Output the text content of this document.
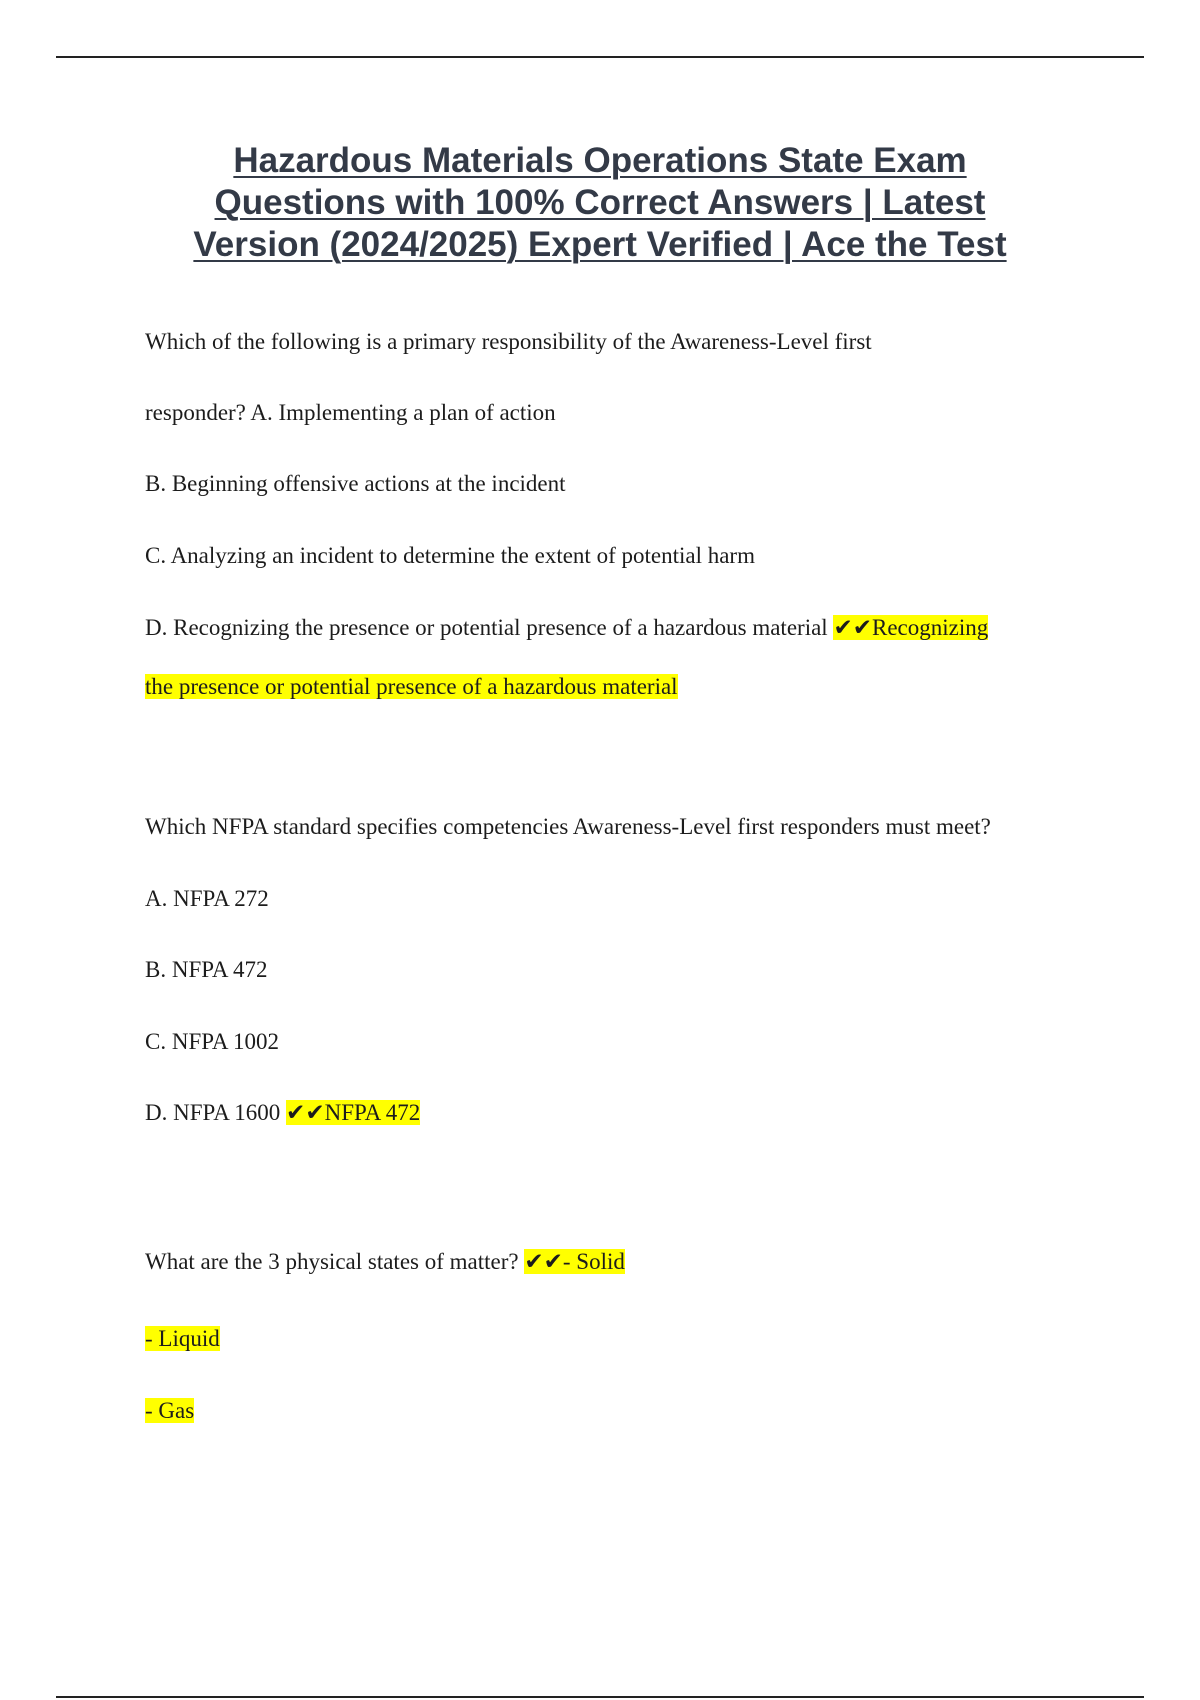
Hazardous Materials Operations State Exam
Questions with 100% Correct Answers | Latest
Version (2024/2025) Expert Verified | Ace the Test

Which of the following is a primary responsibility of the Awareness-Level first

responder? A. Implementing a plan of action

B. Beginning offensive actions at the incident

C. Analyzing an incident to determine the extent of potential harm

D. Recognizing the presence or potential presence of a hazardous material ✔✔Recognizing

the presence or potential presence of a hazardous material

Which NFPA standard specifies competencies Awareness-Level first responders must meet?

A. NFPA 272

B. NFPA 472

C. NFPA 1002

D. NFPA 1600 ✔✔NFPA 472

What are the 3 physical states of matter? ✔✔- Solid

- Liquid

- Gas
